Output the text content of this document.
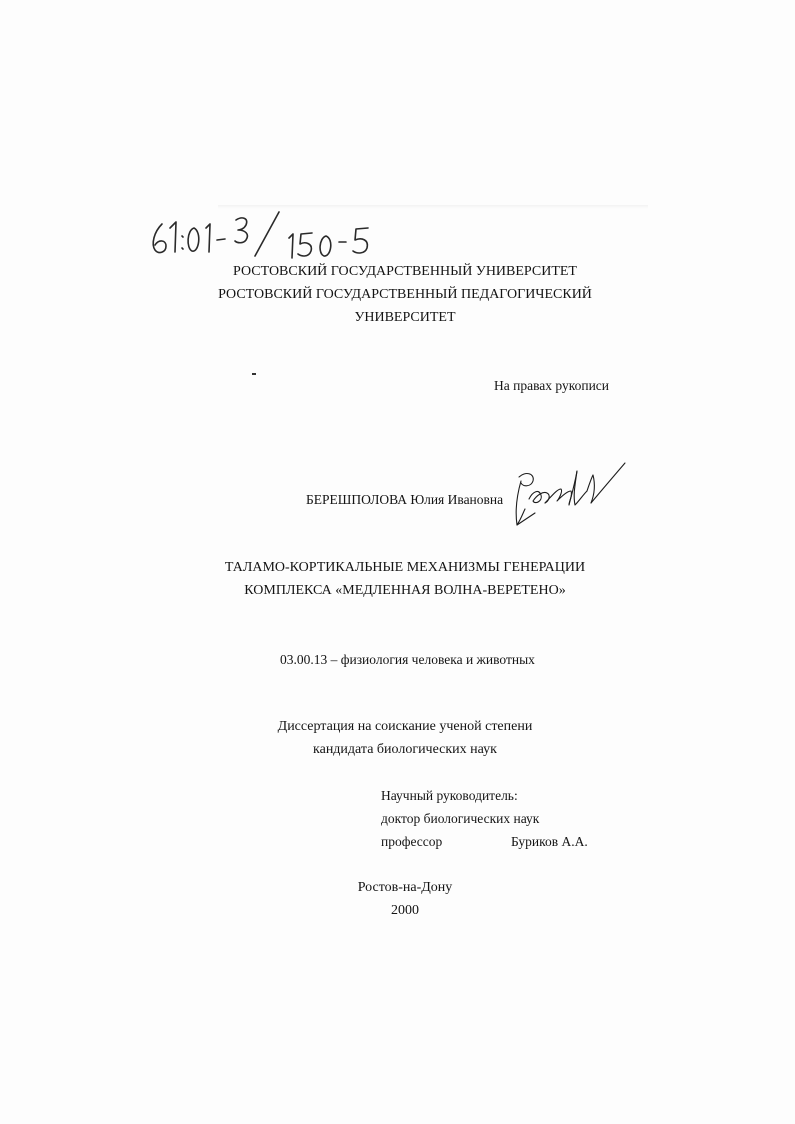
РОСТОВСКИЙ ГОСУДАРСТВЕННЫЙ УНИВЕРСИТЕТ
РОСТОВСКИЙ ГОСУДАРСТВЕННЫЙ ПЕДАГОГИЧЕСКИЙ
УНИВЕРСИТЕТ
На правах рукописи
БЕРЕШПОЛОВА Юлия Ивановна
ТАЛАМО-КОРТИКАЛЬНЫЕ МЕХАНИЗМЫ ГЕНЕРАЦИИ
КОМПЛЕКСА «МЕДЛЕННАЯ ВОЛНА-ВЕРЕТЕНО»
03.00.13 – физиология человека и животных
Диссертация на соискание ученой степени
кандидата биологических наук
Научный руководитель:
доктор биологических наук
профессор	Буриков А.А.
Ростов-на-Дону
2000
